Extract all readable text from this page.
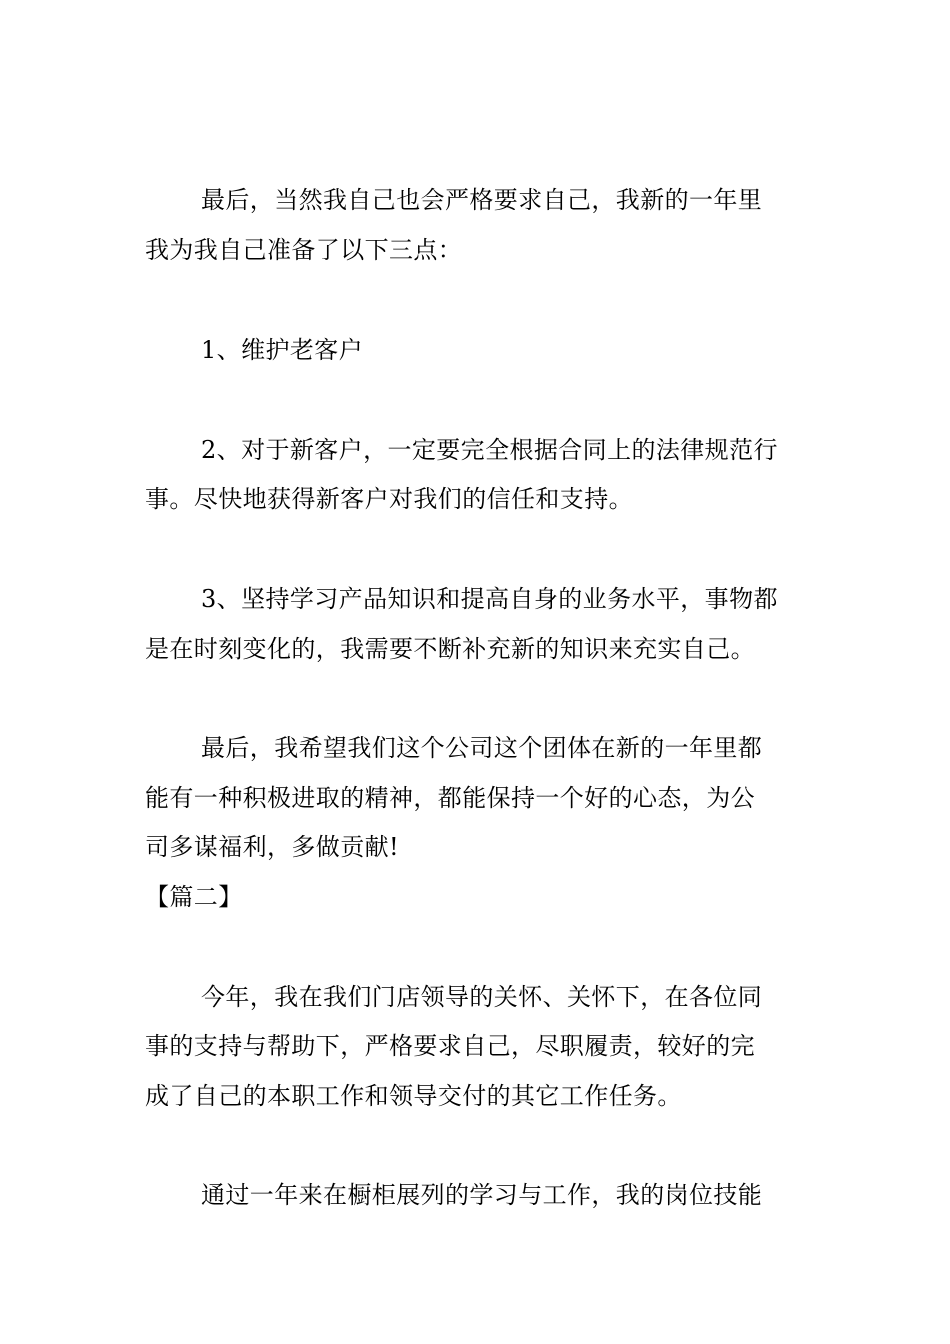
最后，当然我自己也会严格要求自己，我新的一年里
我为我自己准备了以下三点：
1、维护老客户
2、对于新客户，一定要完全根据合同上的法律规范行
事。尽快地获得新客户对我们的信任和支持。
3、坚持学习产品知识和提高自身的业务水平，事物都
是在时刻变化的，我需要不断补充新的知识来充实自己。
最后，我希望我们这个公司这个团体在新的一年里都
能有一种积极进取的精神，都能保持一个好的心态，为公
司多谋福利，多做贡献!
【篇二】
今年，我在我们门店领导的关怀、关怀下，在各位同
事的支持与帮助下，严格要求自己，尽职履责，较好的完
成了自己的本职工作和领导交付的其它工作任务。
通过一年来在橱柜展列的学习与工作，我的岗位技能
